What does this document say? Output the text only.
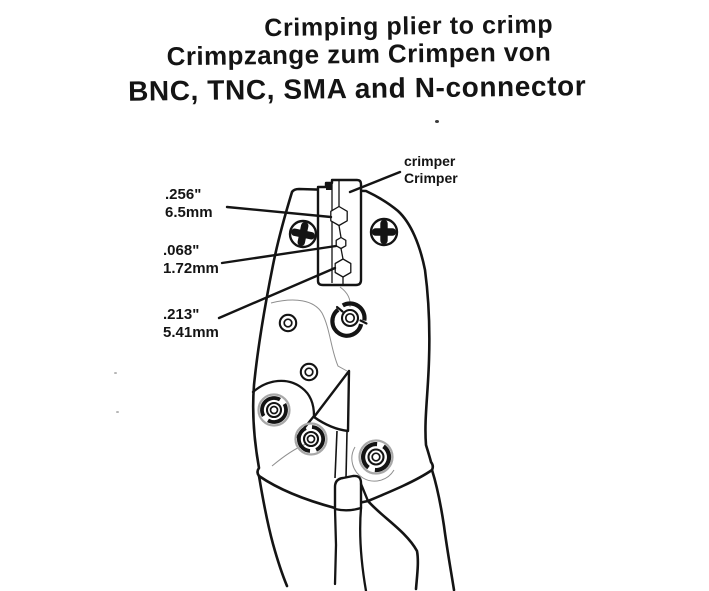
Crimping plier to crimp
Crimpzange zum Crimpen von
BNC, TNC, SMA and N-connector
.256"
6.5mm
.068"
1.72mm
.213"
5.41mm
crimper
Crimper
